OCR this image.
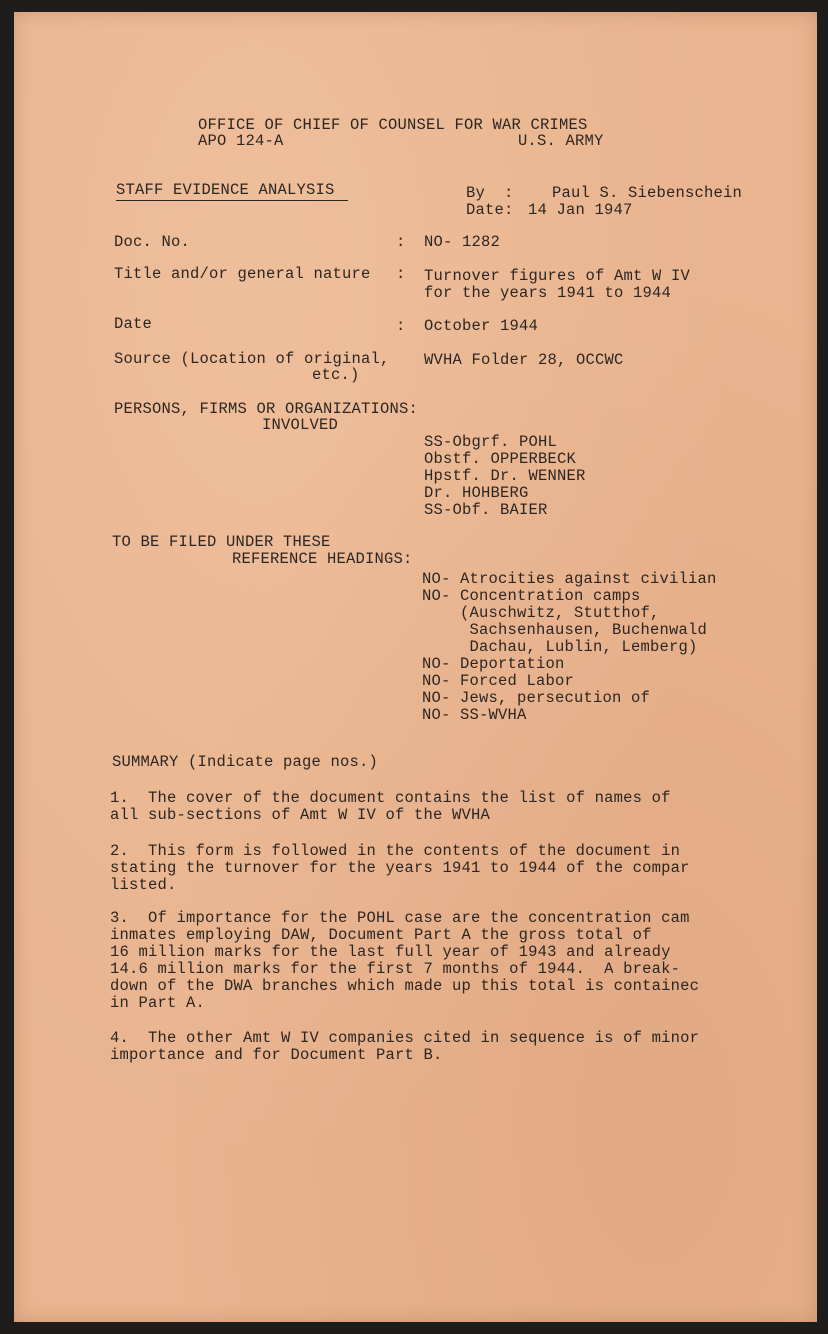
OFFICE OF CHIEF OF COUNSEL FOR WAR CRIMES
APO 124-A	U.S. ARMY
STAFF EVIDENCE ANALYSIS	By  : Paul S. Siebenschein
Date: 14 Jan 1947
Doc. No.	: NO- 1282
Title and/or general nature : Turnover figures of Amt W IV
for the years 1941 to 1944
Date	: October 1944
Source (Location of original,
etc.)
WVHA Folder 28, OCCWC
PERSONS, FIRMS OR ORGANIZATIONS:
INVOLVED
SS-Obgrf. POHL
Obstf. OPPERBECK
Hpstf. Dr. WENNER
Dr. HOHBERG
SS-Obf. BAIER
TO BE FILED UNDER THESE
REFERENCE HEADINGS:
NO- Atrocities against civilian
NO- Concentration camps
(Auschwitz, Stutthof,
Sachsenhausen, Buchenwald
Dachau, Lublin, Lemberg)
NO- Deportation
NO- Forced Labor
NO- Jews, persecution of
NO- SS-WVHA
SUMMARY (Indicate page nos.)
1.  The cover of the document contains the list of names of
all sub-sections of Amt W IV of the WVHA
2.  This form is followed in the contents of the document in
stating the turnover for the years 1941 to 1944 of the compar
listed.
3.  Of importance for the POHL case are the concentration cam
inmates employing DAW, Document Part A the gross total of
16 million marks for the last full year of 1943 and already
14.6 million marks for the first 7 months of 1944.  A break-
down of the DWA branches which made up this total is containec
in Part A.
4.  The other Amt W IV companies cited in sequence is of minor
importance and for Document Part B.
